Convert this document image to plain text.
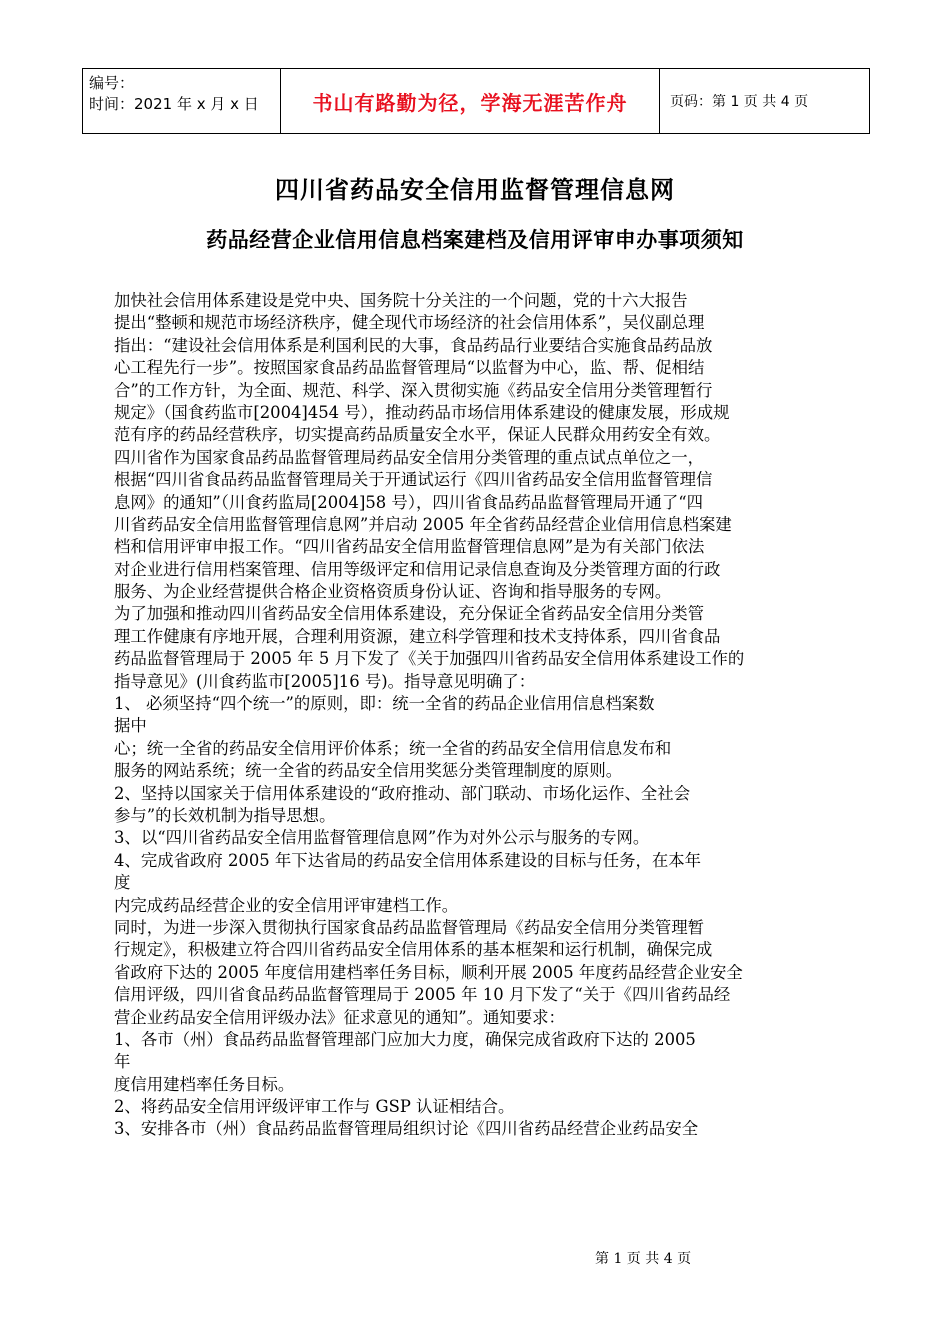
编号：
时间：2021 年 x 月 x 日	书山有路勤为径，学海无涯苦作舟	页码：第 1 页 共 4 页
四川省药品安全信用监督管理信息网
药品经营企业信用信息档案建档及信用评审申办事项须知
加快社会信用体系建设是党中央、国务院十分关注的一个问题，党的十六大报告
提出“整顿和规范市场经济秩序，健全现代市场经济的社会信用体系”，吴仪副总理
指出：“建设社会信用体系是利国利民的大事，食品药品行业要结合实施食品药品放
心工程先行一步”。按照国家食品药品监督管理局“以监督为中心，监、帮、促相结
合”的工作方针，为全面、规范、科学、深入贯彻实施《药品安全信用分类管理暂行
规定》（国食药监市[2004]454 号），推动药品市场信用体系建设的健康发展，形成规
范有序的药品经营秩序，切实提高药品质量安全水平，保证人民群众用药安全有效。
四川省作为国家食品药品监督管理局药品安全信用分类管理的重点试点单位之一，
根据“四川省食品药品监督管理局关于开通试运行《四川省药品安全信用监督管理信
息网》的通知”（川食药监局[2004]58 号），四川省食品药品监督管理局开通了“四
川省药品安全信用监督管理信息网”并启动 2005 年全省药品经营企业信用信息档案建
档和信用评审申报工作。“四川省药品安全信用监督管理信息网”是为有关部门依法
对企业进行信用档案管理、信用等级评定和信用记录信息查询及分类管理方面的行政
服务、为企业经营提供合格企业资格资质身份认证、咨询和指导服务的专网。
为了加强和推动四川省药品安全信用体系建设，充分保证全省药品安全信用分类管
理工作健康有序地开展，合理利用资源，建立科学管理和技术支持体系，四川省食品
药品监督管理局于 2005 年 5 月下发了《关于加强四川省药品安全信用体系建设工作的
指导意见》(川食药监市[2005]16 号)。指导意见明确了：
1、 必须坚持“四个统一”的原则，即：统一全省的药品企业信用信息档案数
据中
心；统一全省的药品安全信用评价体系；统一全省的药品安全信用信息发布和
服务的网站系统；统一全省的药品安全信用奖惩分类管理制度的原则。
2、坚持以国家关于信用体系建设的“政府推动、部门联动、市场化运作、全社会
参与”的长效机制为指导思想。
3、以“四川省药品安全信用监督管理信息网”作为对外公示与服务的专网。
4、完成省政府 2005 年下达省局的药品安全信用体系建设的目标与任务，在本年
度
内完成药品经营企业的安全信用评审建档工作。
同时，为进一步深入贯彻执行国家食品药品监督管理局《药品安全信用分类管理暂
行规定》，积极建立符合四川省药品安全信用体系的基本框架和运行机制，确保完成
省政府下达的 2005 年度信用建档率任务目标，顺利开展 2005 年度药品经营企业安全
信用评级，四川省食品药品监督管理局于 2005 年 10 月下发了“关于《四川省药品经
营企业药品安全信用评级办法》征求意见的通知”。通知要求：
1、各市（州）食品药品监督管理部门应加大力度，确保完成省政府下达的 2005
年
度信用建档率任务目标。
2、将药品安全信用评级评审工作与 GSP 认证相结合。
3、安排各市（州）食品药品监督管理局组织讨论《四川省药品经营企业药品安全
第 1 页 共 4 页
